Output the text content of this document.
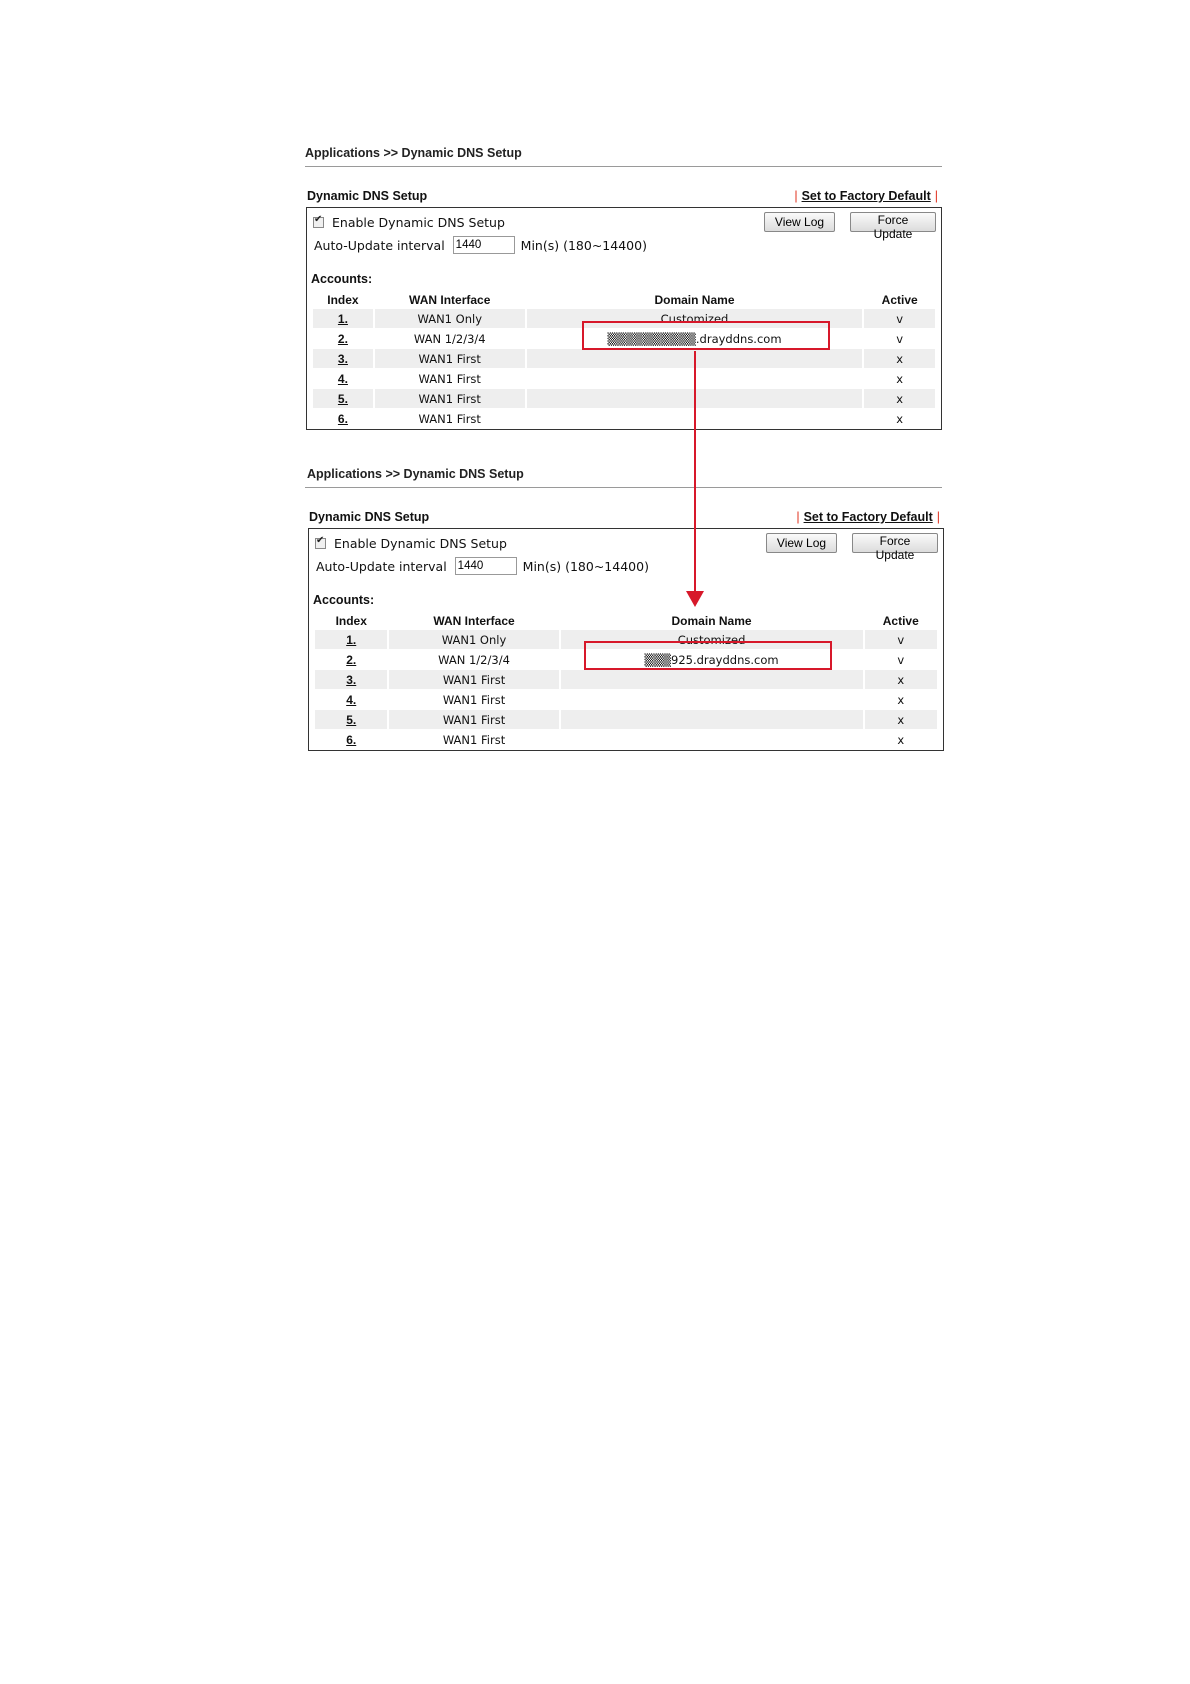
Applications >> Dynamic DNS Setup
Dynamic DNS Setup	| Set to Factory Default |
✔
Enable Dynamic DNS Setup
Auto-Update interval
1440	Min(s) (180~14400)
View Log	Force Update
Accounts:
Index	WAN Interface	Domain Name	Active
1.	WAN1 Only	Customized	v
2.	WAN 1/2/3/4	▒▒▒▒▒▒▒▒▒▒.drayddns.com	v
3.	WAN1 First		x
4.	WAN1 First		x
5.	WAN1 First		x
6.	WAN1 First		x
Applications >> Dynamic DNS Setup
Dynamic DNS Setup	| Set to Factory Default |
✔
Enable Dynamic DNS Setup
Auto-Update interval
1440	Min(s) (180~14400)
View Log	Force Update
Accounts:
Index	WAN Interface	Domain Name	Active
1.	WAN1 Only	Customized	v
2.	WAN 1/2/3/4	▒▒▒925.drayddns.com	v
3.	WAN1 First		x
4.	WAN1 First		x
5.	WAN1 First		x
6.	WAN1 First		x
